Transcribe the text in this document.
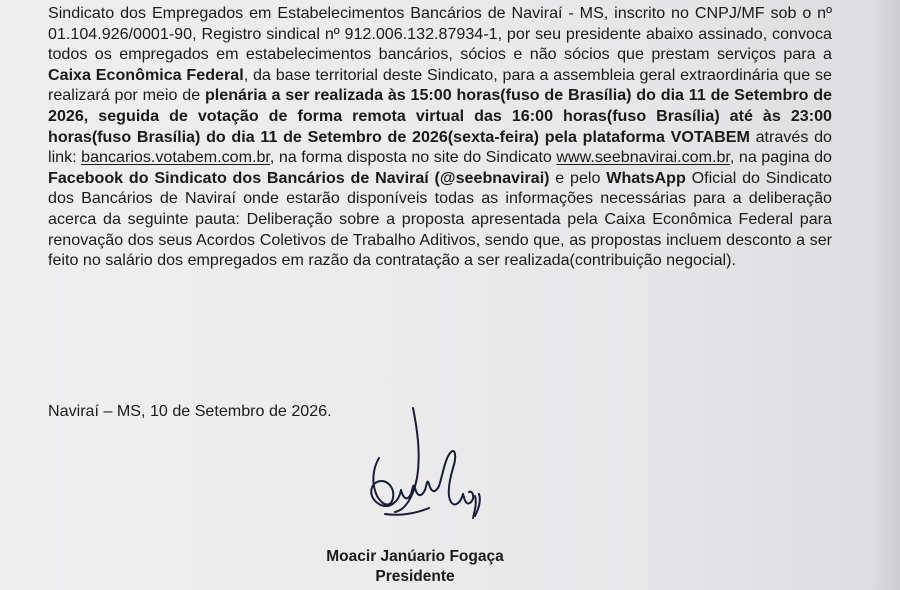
Sindicato dos Empregados em Estabelecimentos Bancários de Naviraí - MS, inscrito no CNPJ/MF sob o nº 01.104.926/0001-90, Registro sindical nº 912.006.132.87934-1, por seu presidente abaixo assinado, convoca todos os empregados em estabelecimentos bancários, sócios e não sócios que prestam serviços para a Caixa Econômica Federal, da base territorial deste Sindicato, para a assembleia geral extraordinária que se realizará por meio de plenária a ser realizada às 15:00 horas(fuso de Brasília) do dia 11 de Setembro de 2026, seguida de votação de forma remota virtual das 16:00 horas(fuso Brasília) até às 23:00 horas(fuso Brasília) do dia 11 de Setembro de 2026(sexta-feira) pela plataforma VOTABEM através do link: bancarios.votabem.com.br, na forma disposta no site do Sindicato www.seebnavirai.com.br, na pagina do Facebook do Sindicato dos Bancários de Naviraí (@seebnavirai) e pelo WhatsApp Oficial do Sindicato dos Bancários de Naviraí onde estarão disponíveis todas as informações necessárias para a deliberação acerca da seguinte pauta: Deliberação sobre a proposta apresentada pela Caixa Econômica Federal para renovação dos seus Acordos Coletivos de Trabalho Aditivos, sendo que, as propostas incluem desconto a ser feito no salário dos empregados em razão da contratação a ser realizada(contribuição negocial).

Naviraí – MS, 10 de Setembro de 2026.

Moacir Janúario Fogaça
Presidente
